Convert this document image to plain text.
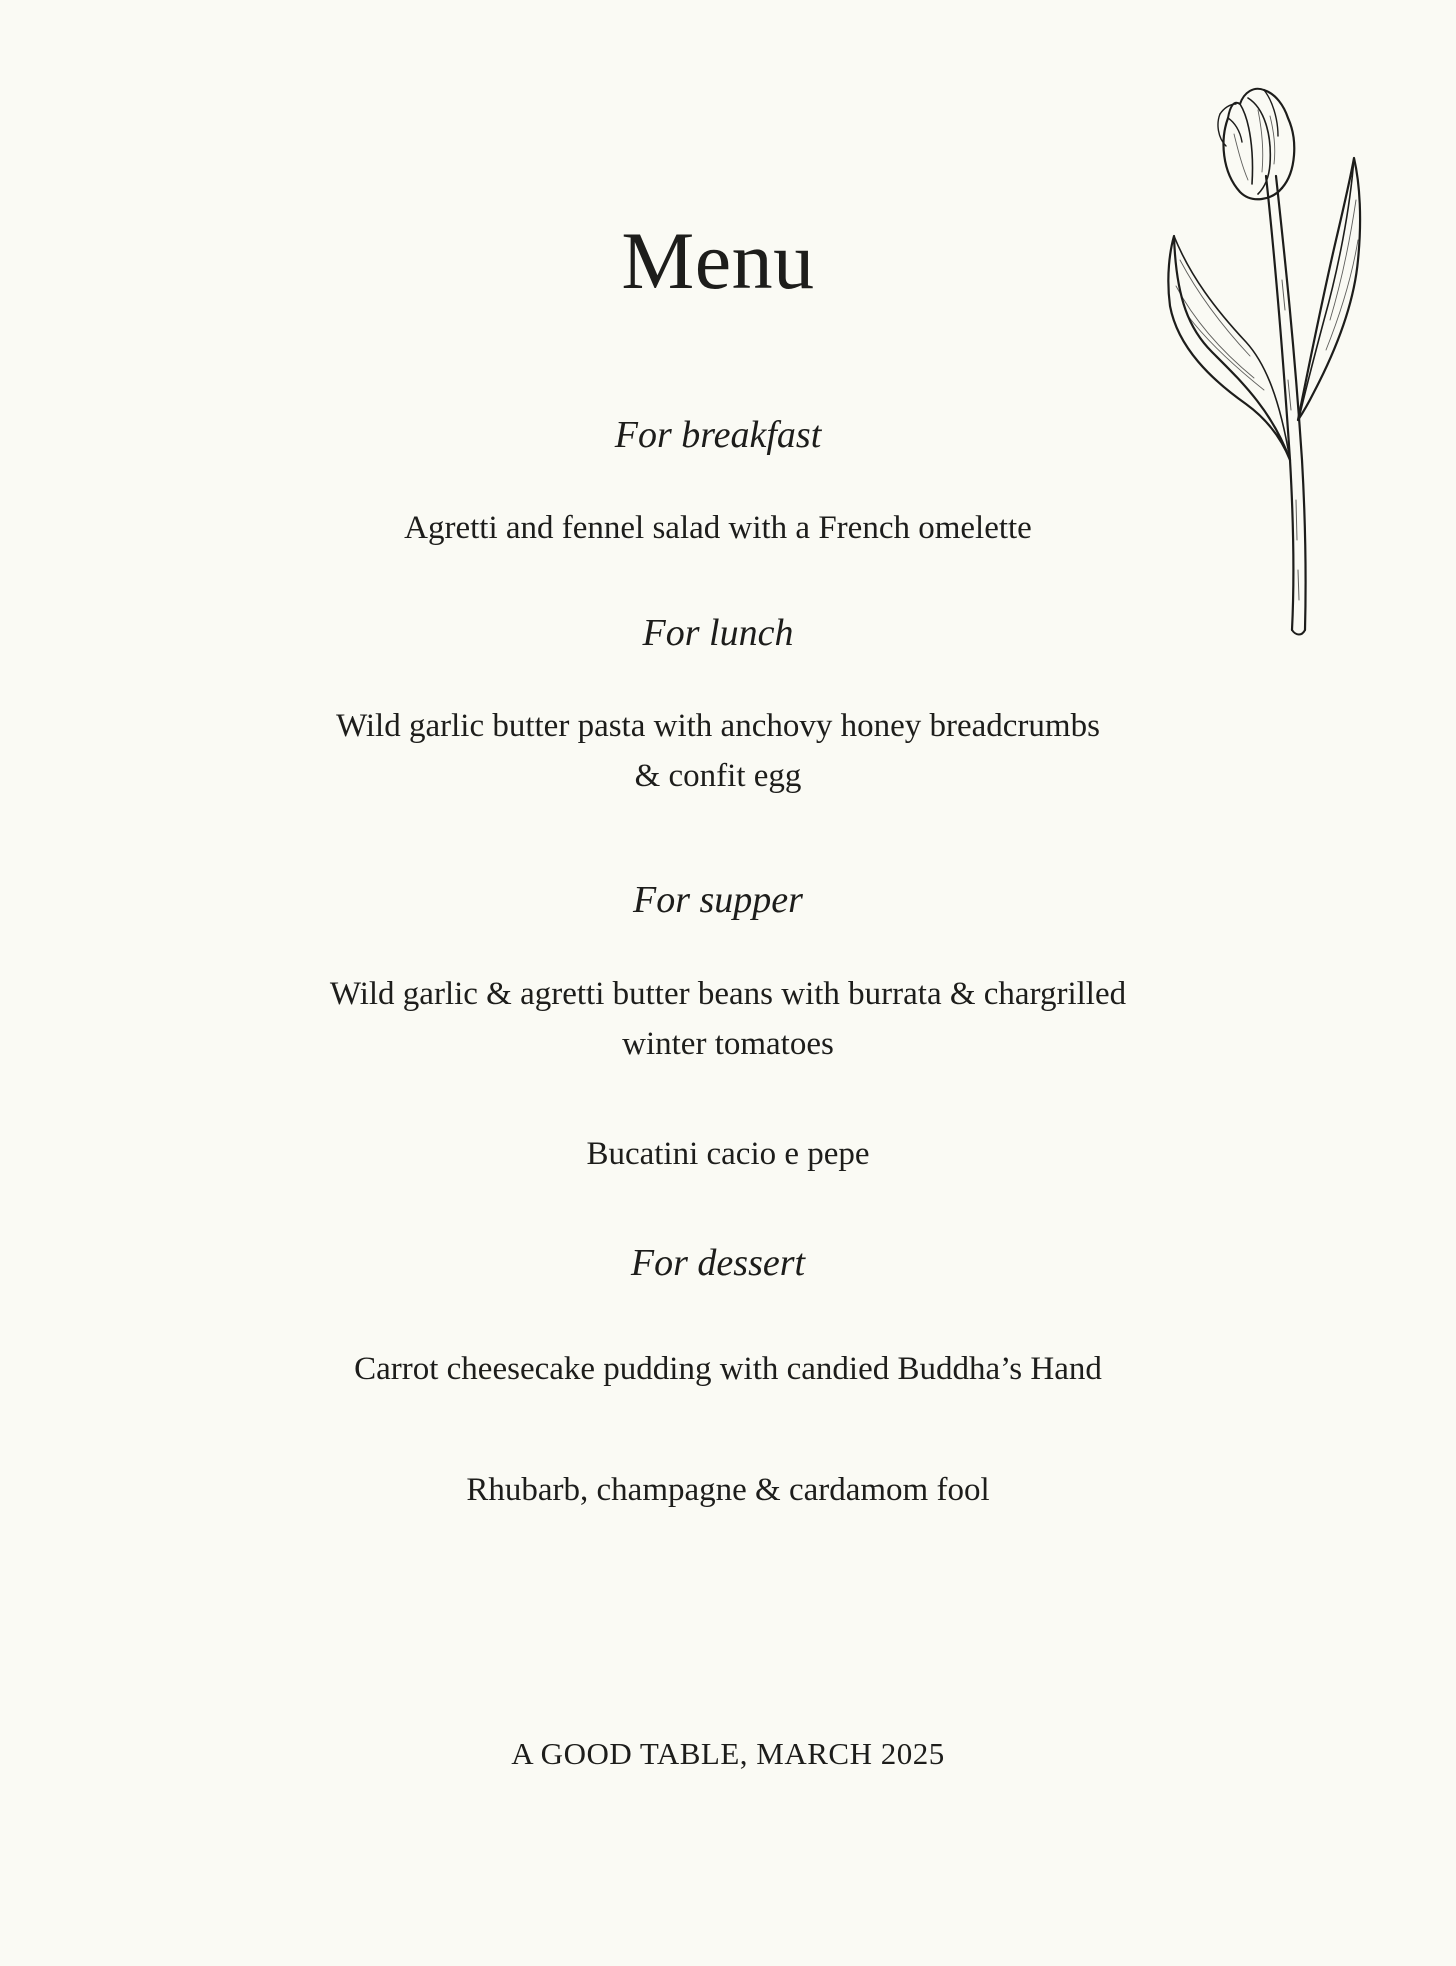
Menu
For breakfast

Agretti and fennel salad with a French omelette

For lunch

Wild garlic butter pasta with anchovy honey breadcrumbs

& confit egg

For supper

Wild garlic & agretti butter beans with burrata & chargrilled

winter tomatoes

Bucatini cacio e pepe

For dessert

Carrot cheesecake pudding with candied Buddha’s Hand

Rhubarb, champagne & cardamom fool

A GOOD TABLE, MARCH 2025
